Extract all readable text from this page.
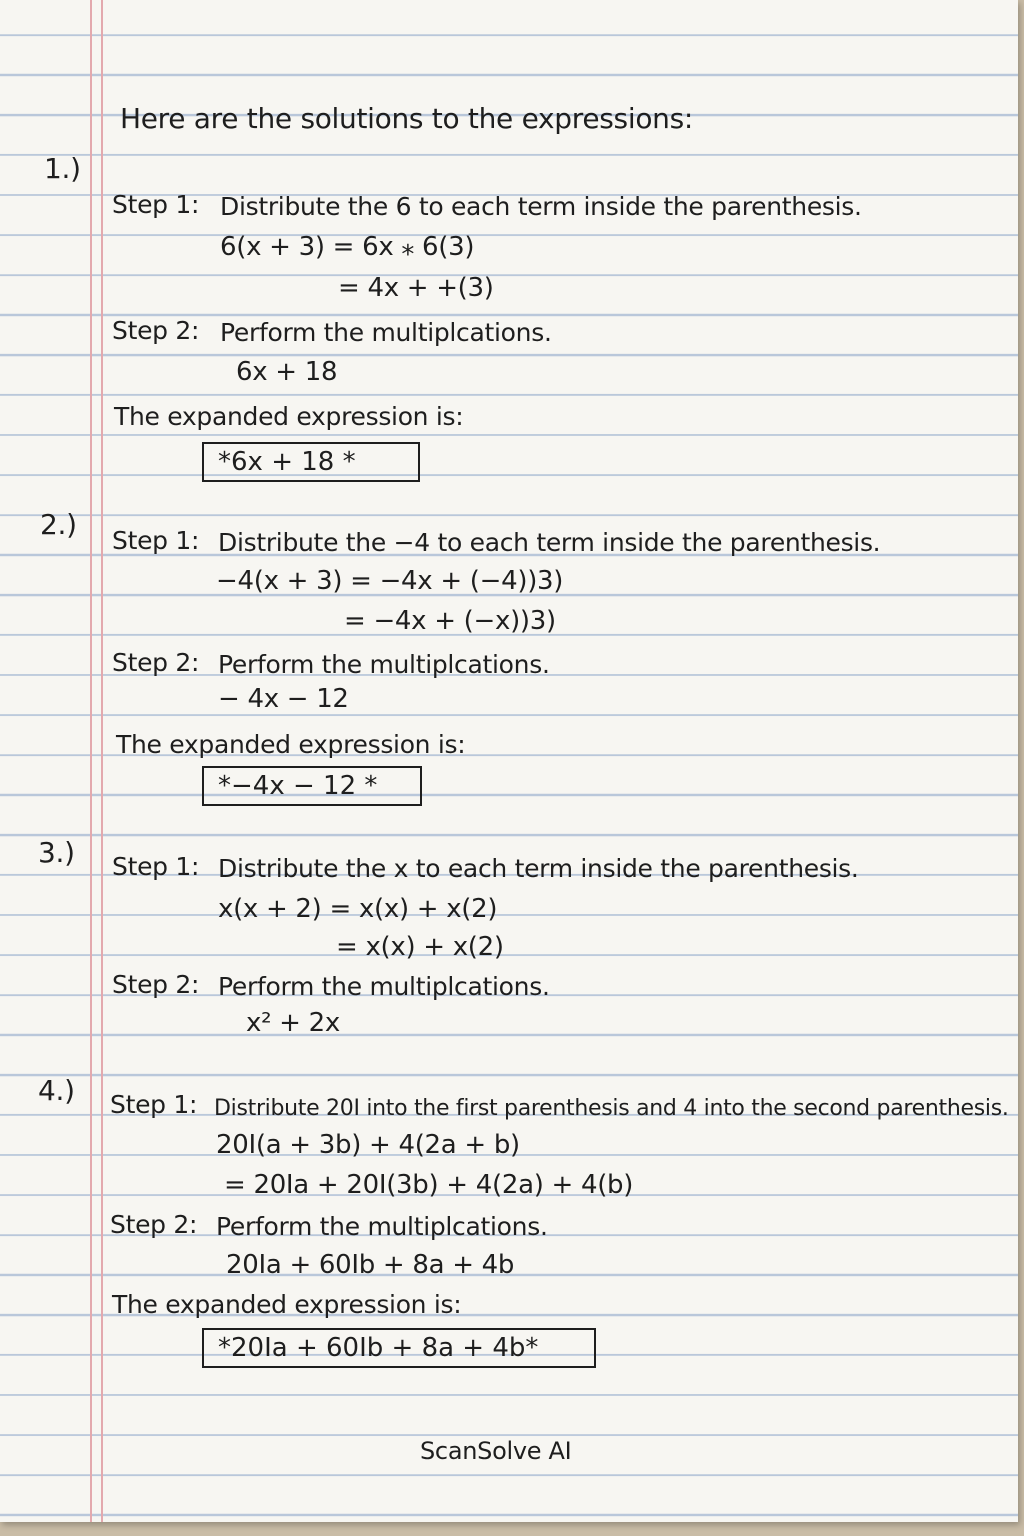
Here are the solutions to the expressions:
1.)
Step 1: Distribute the 6 to each term inside the parenthesis.
6(x + 3) = 6x ⁎ 6(3)
= 4x + +(3)
Step 2: Perform the multiplcations.
6x + 18
The expanded expression is:
*6x + 18 *
2.) Step 1: Distribute the −4 to each term inside the parenthesis.
−4(x + 3) = −4x + (−4))3)
= −4x + (−x))3)
Step 2: Perform the multiplcations.
− 4x − 12
The expanded expression is:
*−4x − 12 *
3.) Step 1: Distribute the x to each term inside the parenthesis.
x(x + 2) = x(x) + x(2)
= x(x) + x(2)
Step 2: Perform the multiplcations.
x² + 2x
4.) Step 1: Distribute 20I into the first parenthesis and 4 into the second parenthesis.
20I(a + 3b) + 4(2a + b)
= 20Ia + 20I(3b) + 4(2a) + 4(b)
Step 2: Perform the multiplcations.
20Ia + 60Ib + 8a + 4b
The expanded expression is:
*20Ia + 60Ib + 8a + 4b*
ScanSolve AI
